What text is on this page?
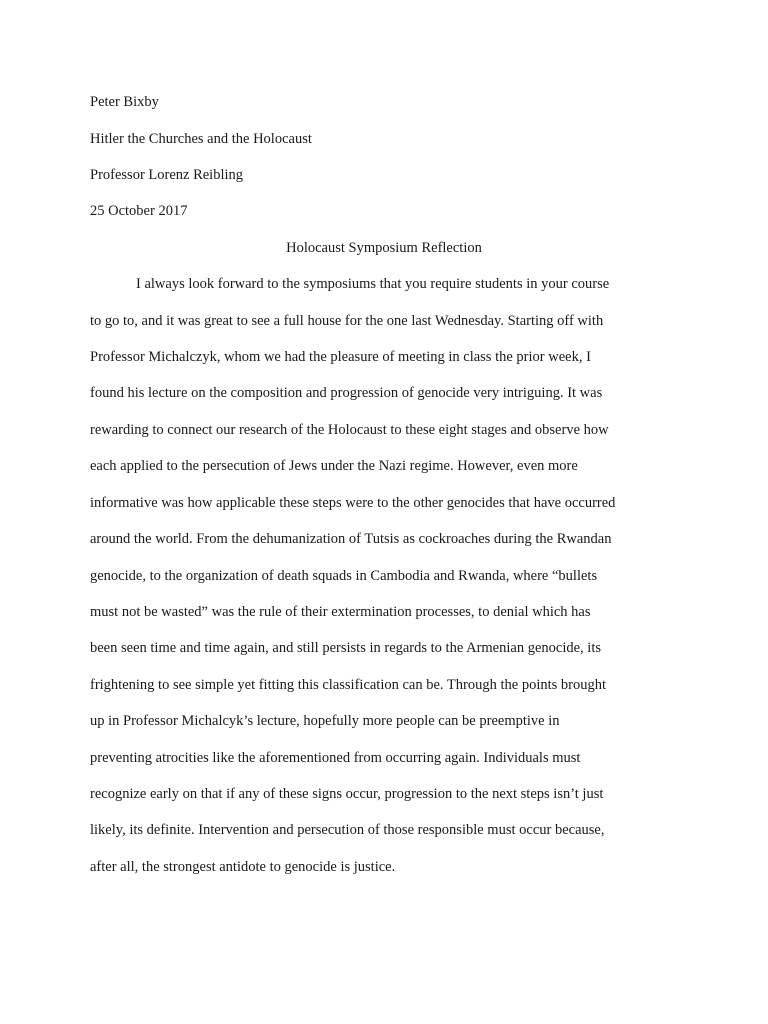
Peter Bixby

Hitler the Churches and the Holocaust

Professor Lorenz Reibling

25 October 2017

Holocaust Symposium Reflection

I always look forward to the symposiums that you require students in your course

to go to, and it was great to see a full house for the one last Wednesday. Starting off with

Professor Michalczyk, whom we had the pleasure of meeting in class the prior week, I

found his lecture on the composition and progression of genocide very intriguing. It was

rewarding to connect our research of the Holocaust to these eight stages and observe how

each applied to the persecution of Jews under the Nazi regime. However, even more

informative was how applicable these steps were to the other genocides that have occurred

around the world. From the dehumanization of Tutsis as cockroaches during the Rwandan

genocide, to the organization of death squads in Cambodia and Rwanda, where “bullets

must not be wasted” was the rule of their extermination processes, to denial which has

been seen time and time again, and still persists in regards to the Armenian genocide, its

frightening to see simple yet fitting this classification can be. Through the points brought

up in Professor Michalcyk’s lecture, hopefully more people can be preemptive in

preventing atrocities like the aforementioned from occurring again. Individuals must

recognize early on that if any of these signs occur, progression to the next steps isn’t just

likely, its definite. Intervention and persecution of those responsible must occur because,

after all, the strongest antidote to genocide is justice.
